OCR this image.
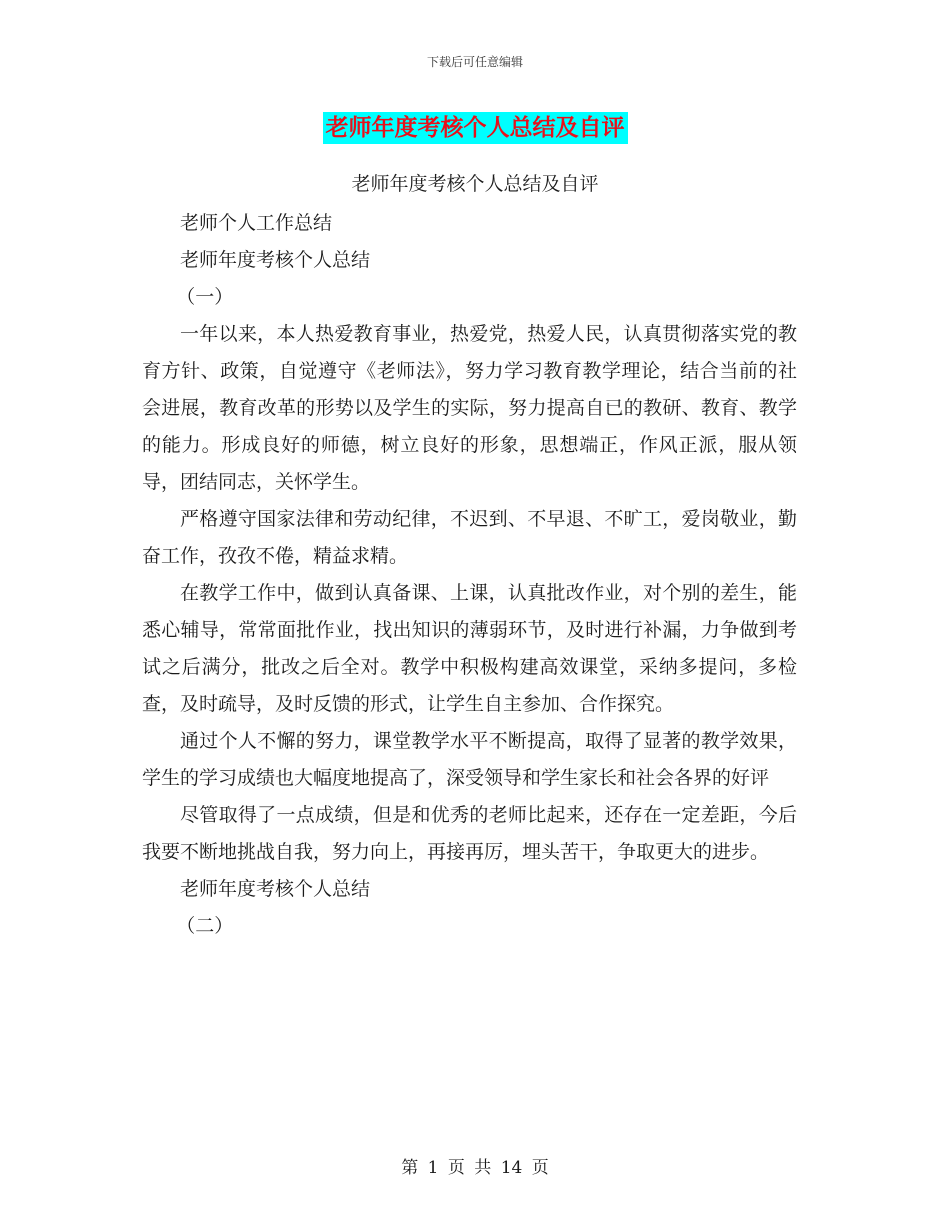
下载后可任意编辑
老师年度考核个人总结及自评
老师年度考核个人总结及自评

老师个人工作总结

老师年度考核个人总结

（一）

一年以来，本人热爱教育事业，热爱党，热爱人民，认真贯彻落实党的教育方针、政策，自觉遵守《老师法》，努力学习教育教学理论，结合当前的社会进展，教育改革的形势以及学生的实际，努力提高自已的教研、教育、教学的能力。形成良好的师德，树立良好的形象，思想端正，作风正派，服从领导，团结同志，关怀学生。

严格遵守国家法律和劳动纪律，不迟到、不早退、不旷工，爱岗敬业，勤奋工作，孜孜不倦，精益求精。

在教学工作中，做到认真备课、上课，认真批改作业，对个别的差生，能悉心辅导，常常面批作业，找出知识的薄弱环节，及时进行补漏，力争做到考试之后满分，批改之后全对。教学中积极构建高效课堂，采纳多提问，多检查，及时疏导，及时反馈的形式，让学生自主参加、合作探究。

通过个人不懈的努力，课堂教学水平不断提高，取得了显著的教学效果，学生的学习成绩也大幅度地提高了，深受领导和学生家长和社会各界的好评

尽管取得了一点成绩，但是和优秀的老师比起来，还存在一定差距，今后我要不断地挑战自我，努力向上，再接再厉，埋头苦干，争取更大的进步。

老师年度考核个人总结

（二）

第 1 页 共 14 页
